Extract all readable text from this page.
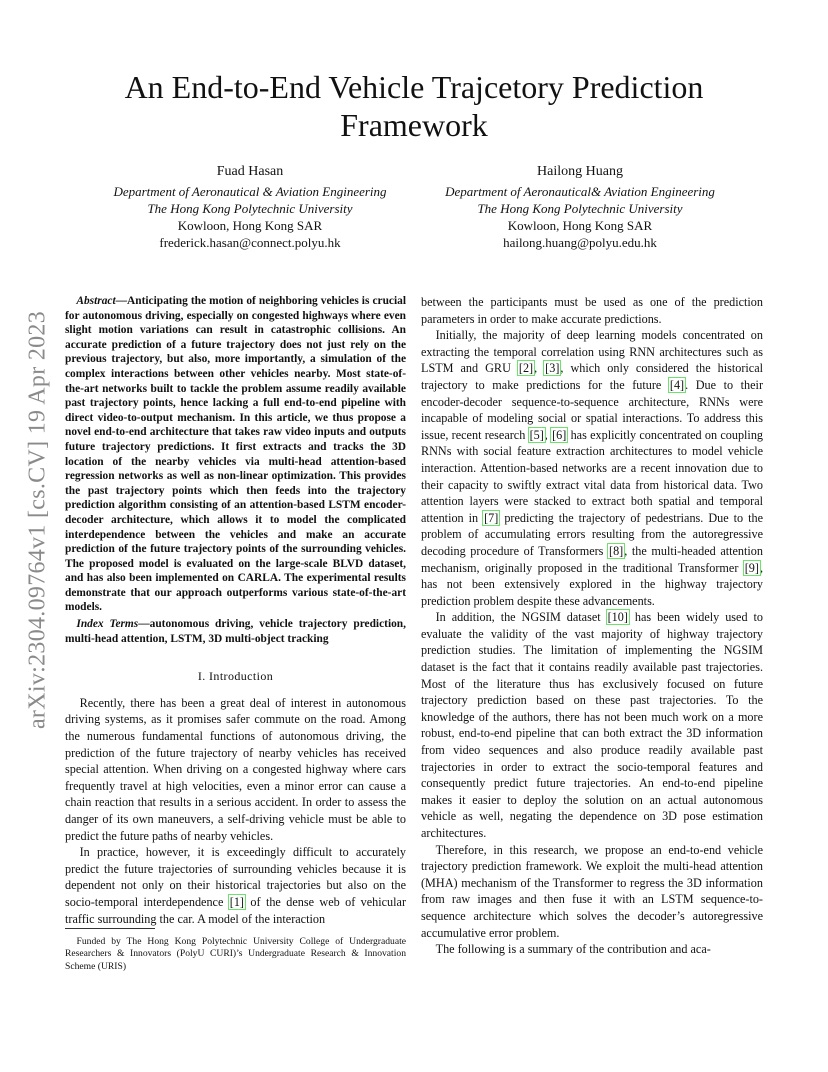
arXiv:2304.09764v1 [cs.CV] 19 Apr 2023
An End-to-End Vehicle Trajcetory Prediction Framework
Fuad Hasan
Department of Aeronautical & Aviation Engineering
The Hong Kong Polytechnic University
Kowloon, Hong Kong SAR
frederick.hasan@connect.polyu.hk
Hailong Huang
Department of Aeronautical& Aviation Engineering
The Hong Kong Polytechnic University
Kowloon, Hong Kong SAR
hailong.huang@polyu.edu.hk

Abstract—Anticipating the motion of neighboring vehicles is crucial for autonomous driving, especially on congested highways where even slight motion variations can result in catastrophic collisions. An accurate prediction of a future trajectory does not just rely on the previous trajectory, but also, more importantly, a simulation of the complex interactions between other vehicles nearby. Most state-of-the-art networks built to tackle the problem assume readily available past trajectory points, hence lacking a full end-to-end pipeline with direct video-to-output mechanism. In this article, we thus propose a novel end-to-end architecture that takes raw video inputs and outputs future trajectory predictions. It first extracts and tracks the 3D location of the nearby vehicles via multi-head attention-based regression networks as well as non-linear optimization. This provides the past trajectory points which then feeds into the trajectory prediction algorithm consisting of an attention-based LSTM encoder-decoder architecture, which allows it to model the complicated interdependence between the vehicles and make an accurate prediction of the future trajectory points of the surrounding vehicles. The proposed model is evaluated on the large-scale BLVD dataset, and has also been implemented on CARLA. The experimental results demonstrate that our approach outperforms various state-of-the-art models.

Index Terms—autonomous driving, vehicle trajectory prediction, multi-head attention, LSTM, 3D multi-object tracking

I. Introduction

Recently, there has been a great deal of interest in autonomous driving systems, as it promises safer commute on the road. Among the numerous fundamental functions of autonomous driving, the prediction of the future trajectory of nearby vehicles has received special attention. When driving on a congested highway where cars frequently travel at high velocities, even a minor error can cause a chain reaction that results in a serious accident. In order to assess the danger of its own maneuvers, a self-driving vehicle must be able to predict the future paths of nearby vehicles.

In practice, however, it is exceedingly difficult to accurately predict the future trajectories of surrounding vehicles because it is dependent not only on their historical trajectories but also on the socio-temporal interdependence [1] of the dense web of vehicular traffic surrounding the car. A model of the interaction

between the participants must be used as one of the prediction parameters in order to make accurate predictions.

Initially, the majority of deep learning models concentrated on extracting the temporal correlation using RNN architectures such as LSTM and GRU [2], [3], which only considered the historical trajectory to make predictions for the future [4]. Due to their encoder-decoder sequence-to-sequence architecture, RNNs were incapable of modeling social or spatial interactions. To address this issue, recent research [5], [6] has explicitly concentrated on coupling RNNs with social feature extraction architectures to model vehicle interaction. Attention-based networks are a recent innovation due to their capacity to swiftly extract vital data from historical data. Two attention layers were stacked to extract both spatial and temporal attention in [7] predicting the trajectory of pedestrians. Due to the problem of accumulating errors resulting from the autoregressive decoding procedure of Transformers [8], the multi-headed attention mechanism, originally proposed in the traditional Transformer [9], has not been extensively explored in the highway trajectory prediction problem despite these advancements.

In addition, the NGSIM dataset [10] has been widely used to evaluate the validity of the vast majority of highway trajectory prediction studies. The limitation of implementing the NGSIM dataset is the fact that it contains readily available past trajectories. Most of the literature thus has exclusively focused on future trajectory prediction based on these past trajectories. To the knowledge of the authors, there has not been much work on a more robust, end-to-end pipeline that can both extract the 3D information from video sequences and also produce readily available past trajectories in order to extract the socio-temporal features and consequently predict future trajectories. An end-to-end pipeline makes it easier to deploy the solution on an actual autonomous vehicle as well, negating the dependence on 3D pose estimation architectures.

Therefore, in this research, we propose an end-to-end vehicle trajectory prediction framework. We exploit the multi-head attention (MHA) mechanism of the Transformer to regress the 3D information from raw images and then fuse it with an LSTM sequence-to-sequence architecture which solves the decoder’s autoregressive accumulative error problem.

The following is a summary of the contribution and aca-

Funded by The Hong Kong Polytechnic University College of Undergraduate Researchers & Innovators (PolyU CURI)’s Undergraduate Research & Innovation Scheme (URIS)
